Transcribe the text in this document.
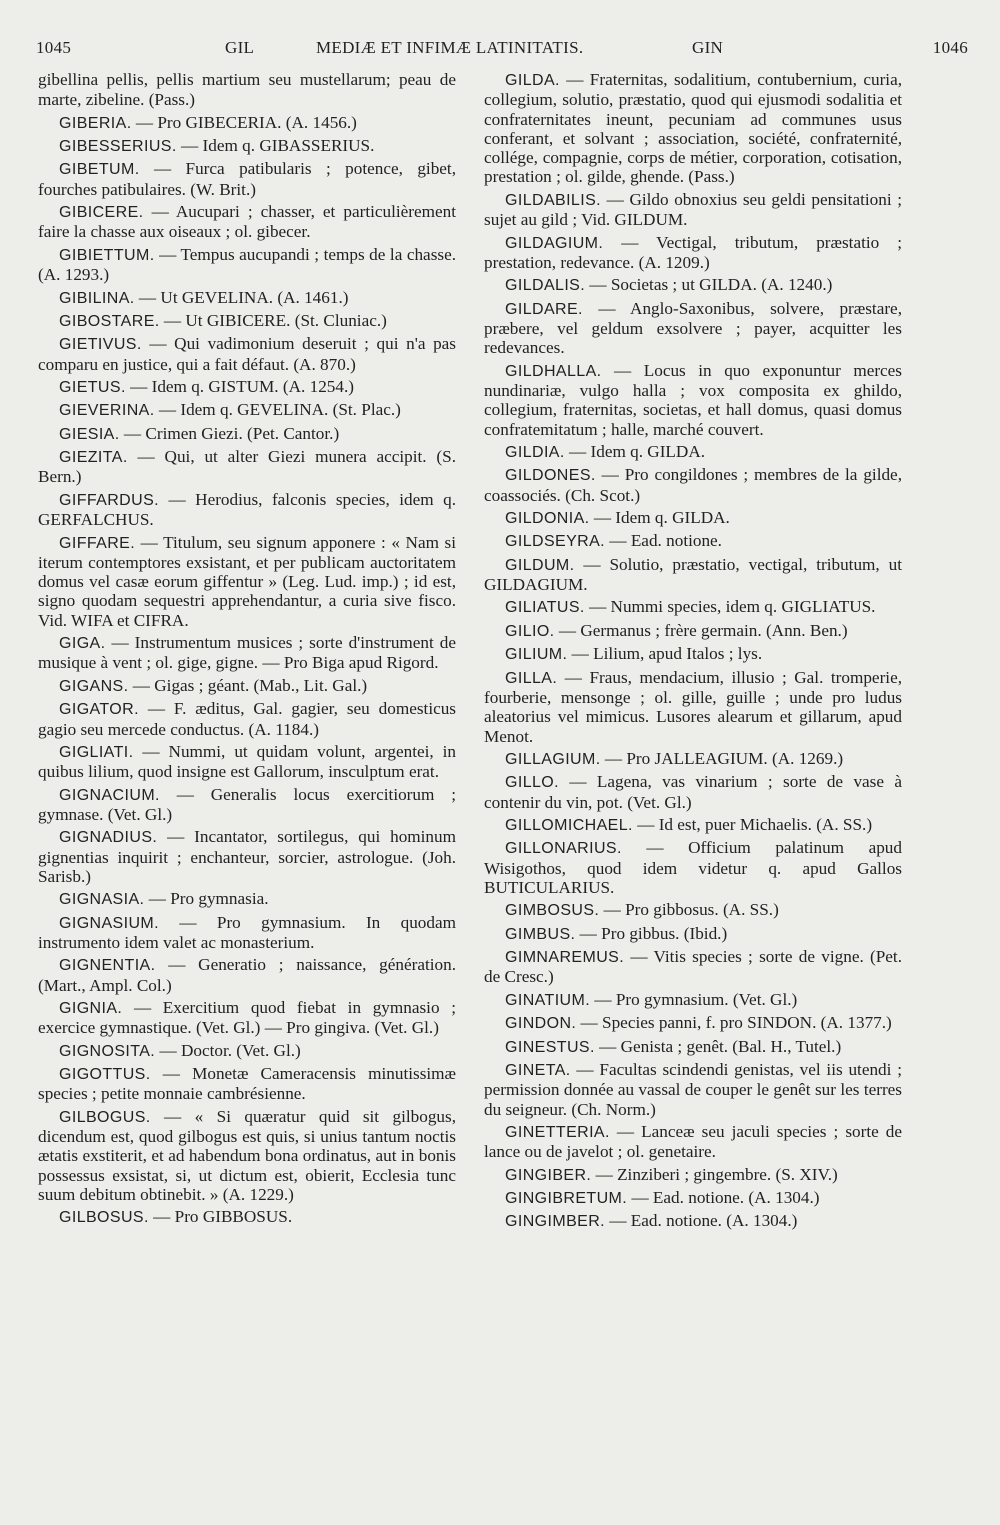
1045	GIL	MEDIÆ ET INFIMÆ LATINITATIS.	GIN	1046

gibellina pellis, pellis martium seu mustellarum; peau de marte, zibeline. (Pass.)

GIBERIA. — Pro GIBECERIA. (A. 1456.)

GIBESSERIUS. — Idem q. GIBASSERIUS.

GIBETUM. — Furca patibularis ; potence, gibet, fourches patibulaires. (W. Brit.)

GIBICERE. — Aucupari ; chasser, et particulièrement faire la chasse aux oiseaux ; ol. gibecer.

GIBIETTUM. — Tempus aucupandi ; temps de la chasse. (A. 1293.)

GIBILINA. — Ut GEVELINA. (A. 1461.)

GIBOSTARE. — Ut GIBICERE. (St. Cluniac.)

GIETIVUS. — Qui vadimonium deseruit ; qui n'a pas comparu en justice, qui a fait défaut. (A. 870.)

GIETUS. — Idem q. GISTUM. (A. 1254.)

GIEVERINA. — Idem q. GEVELINA. (St. Plac.)

GIESIA. — Crimen Giezi. (Pet. Cantor.)

GIEZITA. — Qui, ut alter Giezi munera accipit. (S. Bern.)

GIFFARDUS. — Herodius, falconis species, idem q. GERFALCHUS.

GIFFARE. — Titulum, seu signum apponere : « Nam si iterum contemptores exsistant, et per publicam auctoritatem domus vel casæ eorum giffentur » (Leg. Lud. imp.) ; id est, signo quodam sequestri apprehendantur, a curia sive fisco. Vid. WIFA et CIFRA.

GIGA. — Instrumentum musices ; sorte d'instrument de musique à vent ; ol. gige, gigne. — Pro Biga apud Rigord.

GIGANS. — Gigas ; géant. (Mab., Lit. Gal.)

GIGATOR. — F. æditus, Gal. gagier, seu domesticus gagio seu mercede conductus. (A. 1184.)

GIGLIATI. — Nummi, ut quidam volunt, argentei, in quibus lilium, quod insigne est Gallorum, insculptum erat.

GIGNACIUM. — Generalis locus exercitiorum ; gymnase. (Vet. Gl.)

GIGNADIUS. — Incantator, sortilegus, qui hominum gignentias inquirit ; enchanteur, sorcier, astrologue. (Joh. Sarisb.)

GIGNASIA. — Pro gymnasia.

GIGNASIUM. — Pro gymnasium. In quodam instrumento idem valet ac monasterium.

GIGNENTIA. — Generatio ; naissance, génération. (Mart., Ampl. Col.)

GIGNIA. — Exercitium quod fiebat in gymnasio ; exercice gymnastique. (Vet. Gl.) — Pro gingiva. (Vet. Gl.)

GIGNOSITA. — Doctor. (Vet. Gl.)

GIGOTTUS. — Monetæ Cameracensis minutissimæ species ; petite monnaie cambrésienne.

GILBOGUS. — « Si quæratur quid sit gilbogus, dicendum est, quod gilbogus est quis, si unius tantum noctis ætatis exstiterit, et ad habendum bona ordinatus, aut in bonis possessus exsistat, si, ut dictum est, obierit, Ecclesia tunc suum debitum obtinebit. » (A. 1229.)

GILBOSUS. — Pro GIBBOSUS.

GILDA. — Fraternitas, sodalitium, contubernium, curia, collegium, solutio, præstatio, quod qui ejusmodi sodalitia et confraternitates ineunt, pecuniam ad communes usus conferant, et solvant ; association, société, confraternité, collége, compagnie, corps de métier, corporation, cotisation, prestation ; ol. gilde, ghende. (Pass.)

GILDABILIS. — Gildo obnoxius seu geldi pensitationi ; sujet au gild ; Vid. GILDUM.

GILDAGIUM. — Vectigal, tributum, præstatio ; prestation, redevance. (A. 1209.)

GILDALIS. — Societas ; ut GILDA. (A. 1240.)

GILDARE. — Anglo-Saxonibus, solvere, præstare, præbere, vel geldum exsolvere ; payer, acquitter les redevances.

GILDHALLA. — Locus in quo exponuntur merces nundinariæ, vulgo halla ; vox composita ex ghildo, collegium, fraternitas, societas, et hall domus, quasi domus confratemitatum ; halle, marché couvert.

GILDIA. — Idem q. GILDA.

GILDONES. — Pro congildones ; membres de la gilde, coassociés. (Ch. Scot.)

GILDONIA. — Idem q. GILDA.

GILDSEYRA. — Ead. notione.

GILDUM. — Solutio, præstatio, vectigal, tributum, ut GILDAGIUM.

GILIATUS. — Nummi species, idem q. GIGLIATUS.

GILIO. — Germanus ; frère germain. (Ann. Ben.)

GILIUM. — Lilium, apud Italos ; lys.

GILLA. — Fraus, mendacium, illusio ; Gal. tromperie, fourberie, mensonge ; ol. gille, guille ; unde pro ludus aleatorius vel mimicus. Lusores alearum et gillarum, apud Menot.

GILLAGIUM. — Pro JALLEAGIUM. (A. 1269.)

GILLO. — Lagena, vas vinarium ; sorte de vase à contenir du vin, pot. (Vet. Gl.)

GILLOMICHAEL. — Id est, puer Michaelis. (A. SS.)

GILLONARIUS. — Officium palatinum apud Wisigothos, quod idem videtur q. apud Gallos BUTICULARIUS.

GIMBOSUS. — Pro gibbosus. (A. SS.)

GIMBUS. — Pro gibbus. (Ibid.)

GIMNAREMUS. — Vitis species ; sorte de vigne. (Pet. de Cresc.)

GINATIUM. — Pro gymnasium. (Vet. Gl.)

GINDON. — Species panni, f. pro SINDON. (A. 1377.)

GINESTUS. — Genista ; genêt. (Bal. H., Tutel.)

GINETA. — Facultas scindendi genistas, vel iis utendi ; permission donnée au vassal de couper le genêt sur les terres du seigneur. (Ch. Norm.)

GINETTERIA. — Lanceæ seu jaculi species ; sorte de lance ou de javelot ; ol. genetaire.

GINGIBER. — Zinziberi ; gingembre. (S. XIV.)

GINGIBRETUM. — Ead. notione. (A. 1304.)

GINGIMBER. — Ead. notione. (A. 1304.)
